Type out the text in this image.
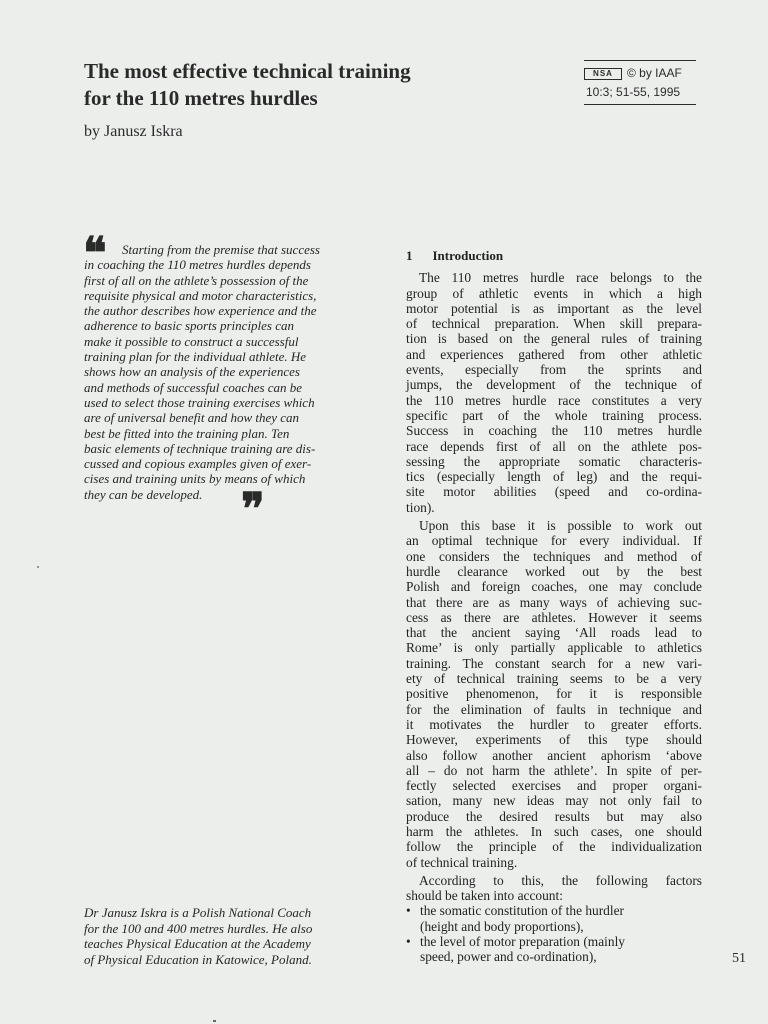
The most effective technical training
for the 110 metres hurdles
by Janusz Iskra
NSA	© by IAAF
10:3; 51-55, 1995
❝	Starting from the premise that success
in coaching the 110 metres hurdles depends
first of all on the athlete’s possession of the
requisite physical and motor characteristics,
the author describes how experience and the
adherence to basic sports principles can
make it possible to construct a successful
training plan for the individual athlete. He
shows how an analysis of the experiences
and methods of successful coaches can be
used to select those training exercises which
are of universal benefit and how they can
best be fitted into the training plan. Ten
basic elements of technique training are dis-
cussed and copious examples given of exer-
cises and training units by means of which
they can be developed. ❞
Dr Janusz Iskra is a Polish National Coach
for the 100 and 400 metres hurdles. He also
teaches Physical Education at the Academy
of Physical Education in Katowice, Poland.
1 Introduction
The 110 metres hurdle race belongs to the
group of athletic events in which a high
motor potential is as important as the level
of technical preparation. When skill prepara-
tion is based on the general rules of training
and experiences gathered from other athletic
events, especially from the sprints and
jumps, the development of the technique of
the 110 metres hurdle race constitutes a very
specific part of the whole training process.
Success in coaching the 110 metres hurdle
race depends first of all on the athlete pos-
sessing the appropriate somatic characteris-
tics (especially length of leg) and the requi-
site motor abilities (speed and co-ordina-
tion).
Upon this base it is possible to work out
an optimal technique for every individual. If
one considers the techniques and method of
hurdle clearance worked out by the best
Polish and foreign coaches, one may conclude
that there are as many ways of achieving suc-
cess as there are athletes. However it seems
that the ancient saying ‘All roads lead to
Rome’ is only partially applicable to athletics
training. The constant search for a new vari-
ety of technical training seems to be a very
positive phenomenon, for it is responsible
for the elimination of faults in technique and
it motivates the hurdler to greater efforts.
However, experiments of this type should
also follow another ancient aphorism ‘above
all – do not harm the athlete’. In spite of per-
fectly selected exercises and proper organi-
sation, many new ideas may not only fail to
produce the desired results but may also
harm the athletes. In such cases, one should
follow the principle of the individualization
of technical training.
According to this, the following factors
should be taken into account:
• the somatic constitution of the hurdler
(height and body proportions),
• the level of motor preparation (mainly
speed, power and co-ordination),	51
